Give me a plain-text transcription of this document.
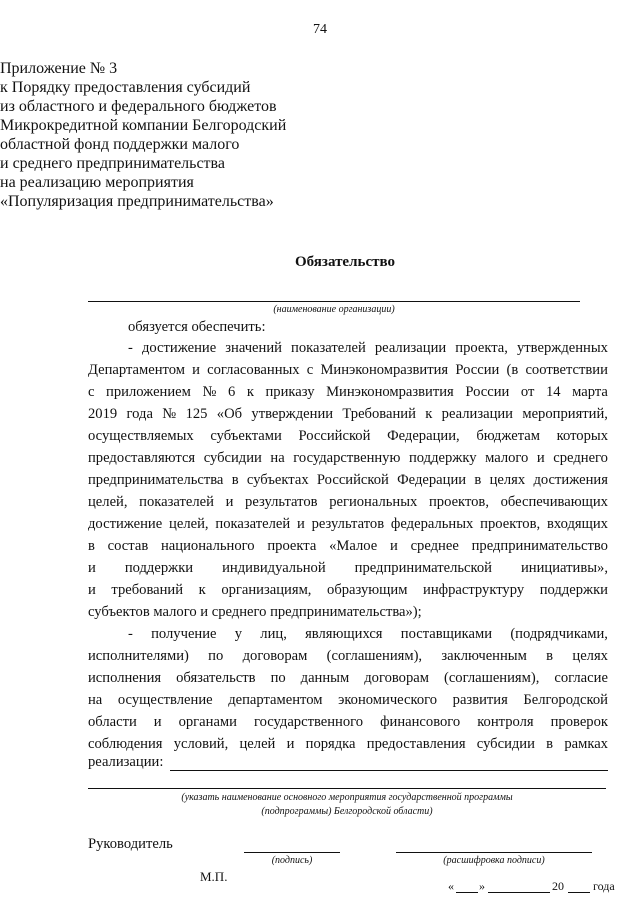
74
Приложение № 3
к Порядку предоставления субсидий
из областного и федерального бюджетов
Микрокредитной компании Белгородский
областной фонд поддержки малого
и среднего предпринимательства
на реализацию мероприятия
«Популяризация предпринимательства»
Обязательство
(наименование организации)
обязуется обеспечить:
- достижение значений показателей реализации проекта, утвержденных
Департаментом и согласованных с Минэкономразвития России (в соответствии
с приложением № 6 к приказу Минэкономразвития России от 14 марта
2019 года № 125 «Об утверждении Требований к реализации мероприятий,
осуществляемых субъектами Российской Федерации, бюджетам которых
предоставляются субсидии на государственную поддержку малого и среднего
предпринимательства в субъектах Российской Федерации в целях достижения
целей, показателей и результатов региональных проектов, обеспечивающих
достижение целей, показателей и результатов федеральных проектов, входящих
в состав национального проекта «Малое и среднее предпринимательство
и поддержки индивидуальной предпринимательской инициативы»,
и требований к организациям, образующим инфраструктуру поддержки
субъектов малого и среднего предпринимательства»);
- получение у лиц, являющихся поставщиками (подрядчиками,
исполнителями) по договорам (соглашениям), заключенным в целях
исполнения обязательств по данным договорам (соглашениям), согласие
на осуществление департаментом экономического развития Белгородской
области и органами государственного финансового контроля проверок
соблюдения условий, целей и порядка предоставления субсидии в рамках
реализации:
(указать наименование основного мероприятия государственной программы
(подпрограммы) Белгородской области)
Руководитель
(подпись)	(расшифровка подписи)
М.П.
« »	20 года
